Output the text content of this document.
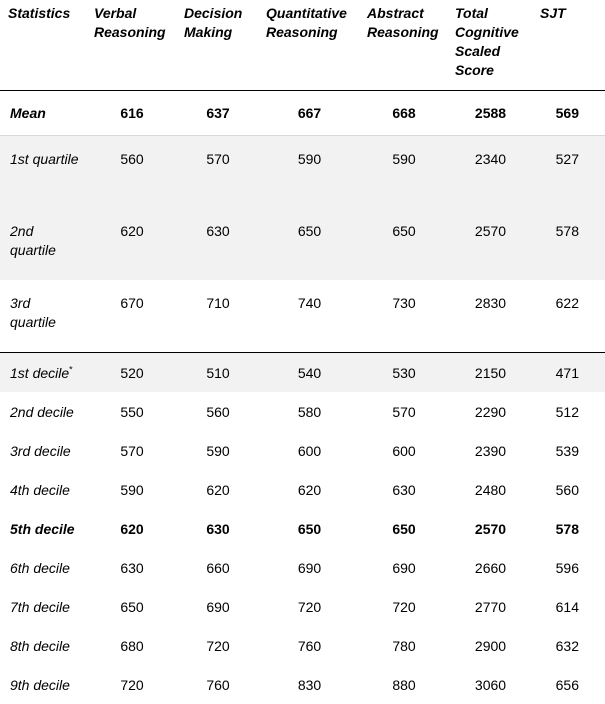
Statistics	Verbal Reasoning	Decision Making	Quantitative Reasoning	Abstract Reasoning	Total Cognitive Scaled Score	SJT
Mean	616	637	667	668	2588	569
1st quartile	560	570	590	590	2340	527
2nd quartile	620	630	650	650	2570	578
3rd quartile	670	710	740	730	2830	622
1st decile*	520	510	540	530	2150	471
2nd decile	550	560	580	570	2290	512
3rd decile	570	590	600	600	2390	539
4th decile	590	620	620	630	2480	560
5th decile	620	630	650	650	2570	578
6th decile	630	660	690	690	2660	596
7th decile	650	690	720	720	2770	614
8th decile	680	720	760	780	2900	632
9th decile	720	760	830	880	3060	656
